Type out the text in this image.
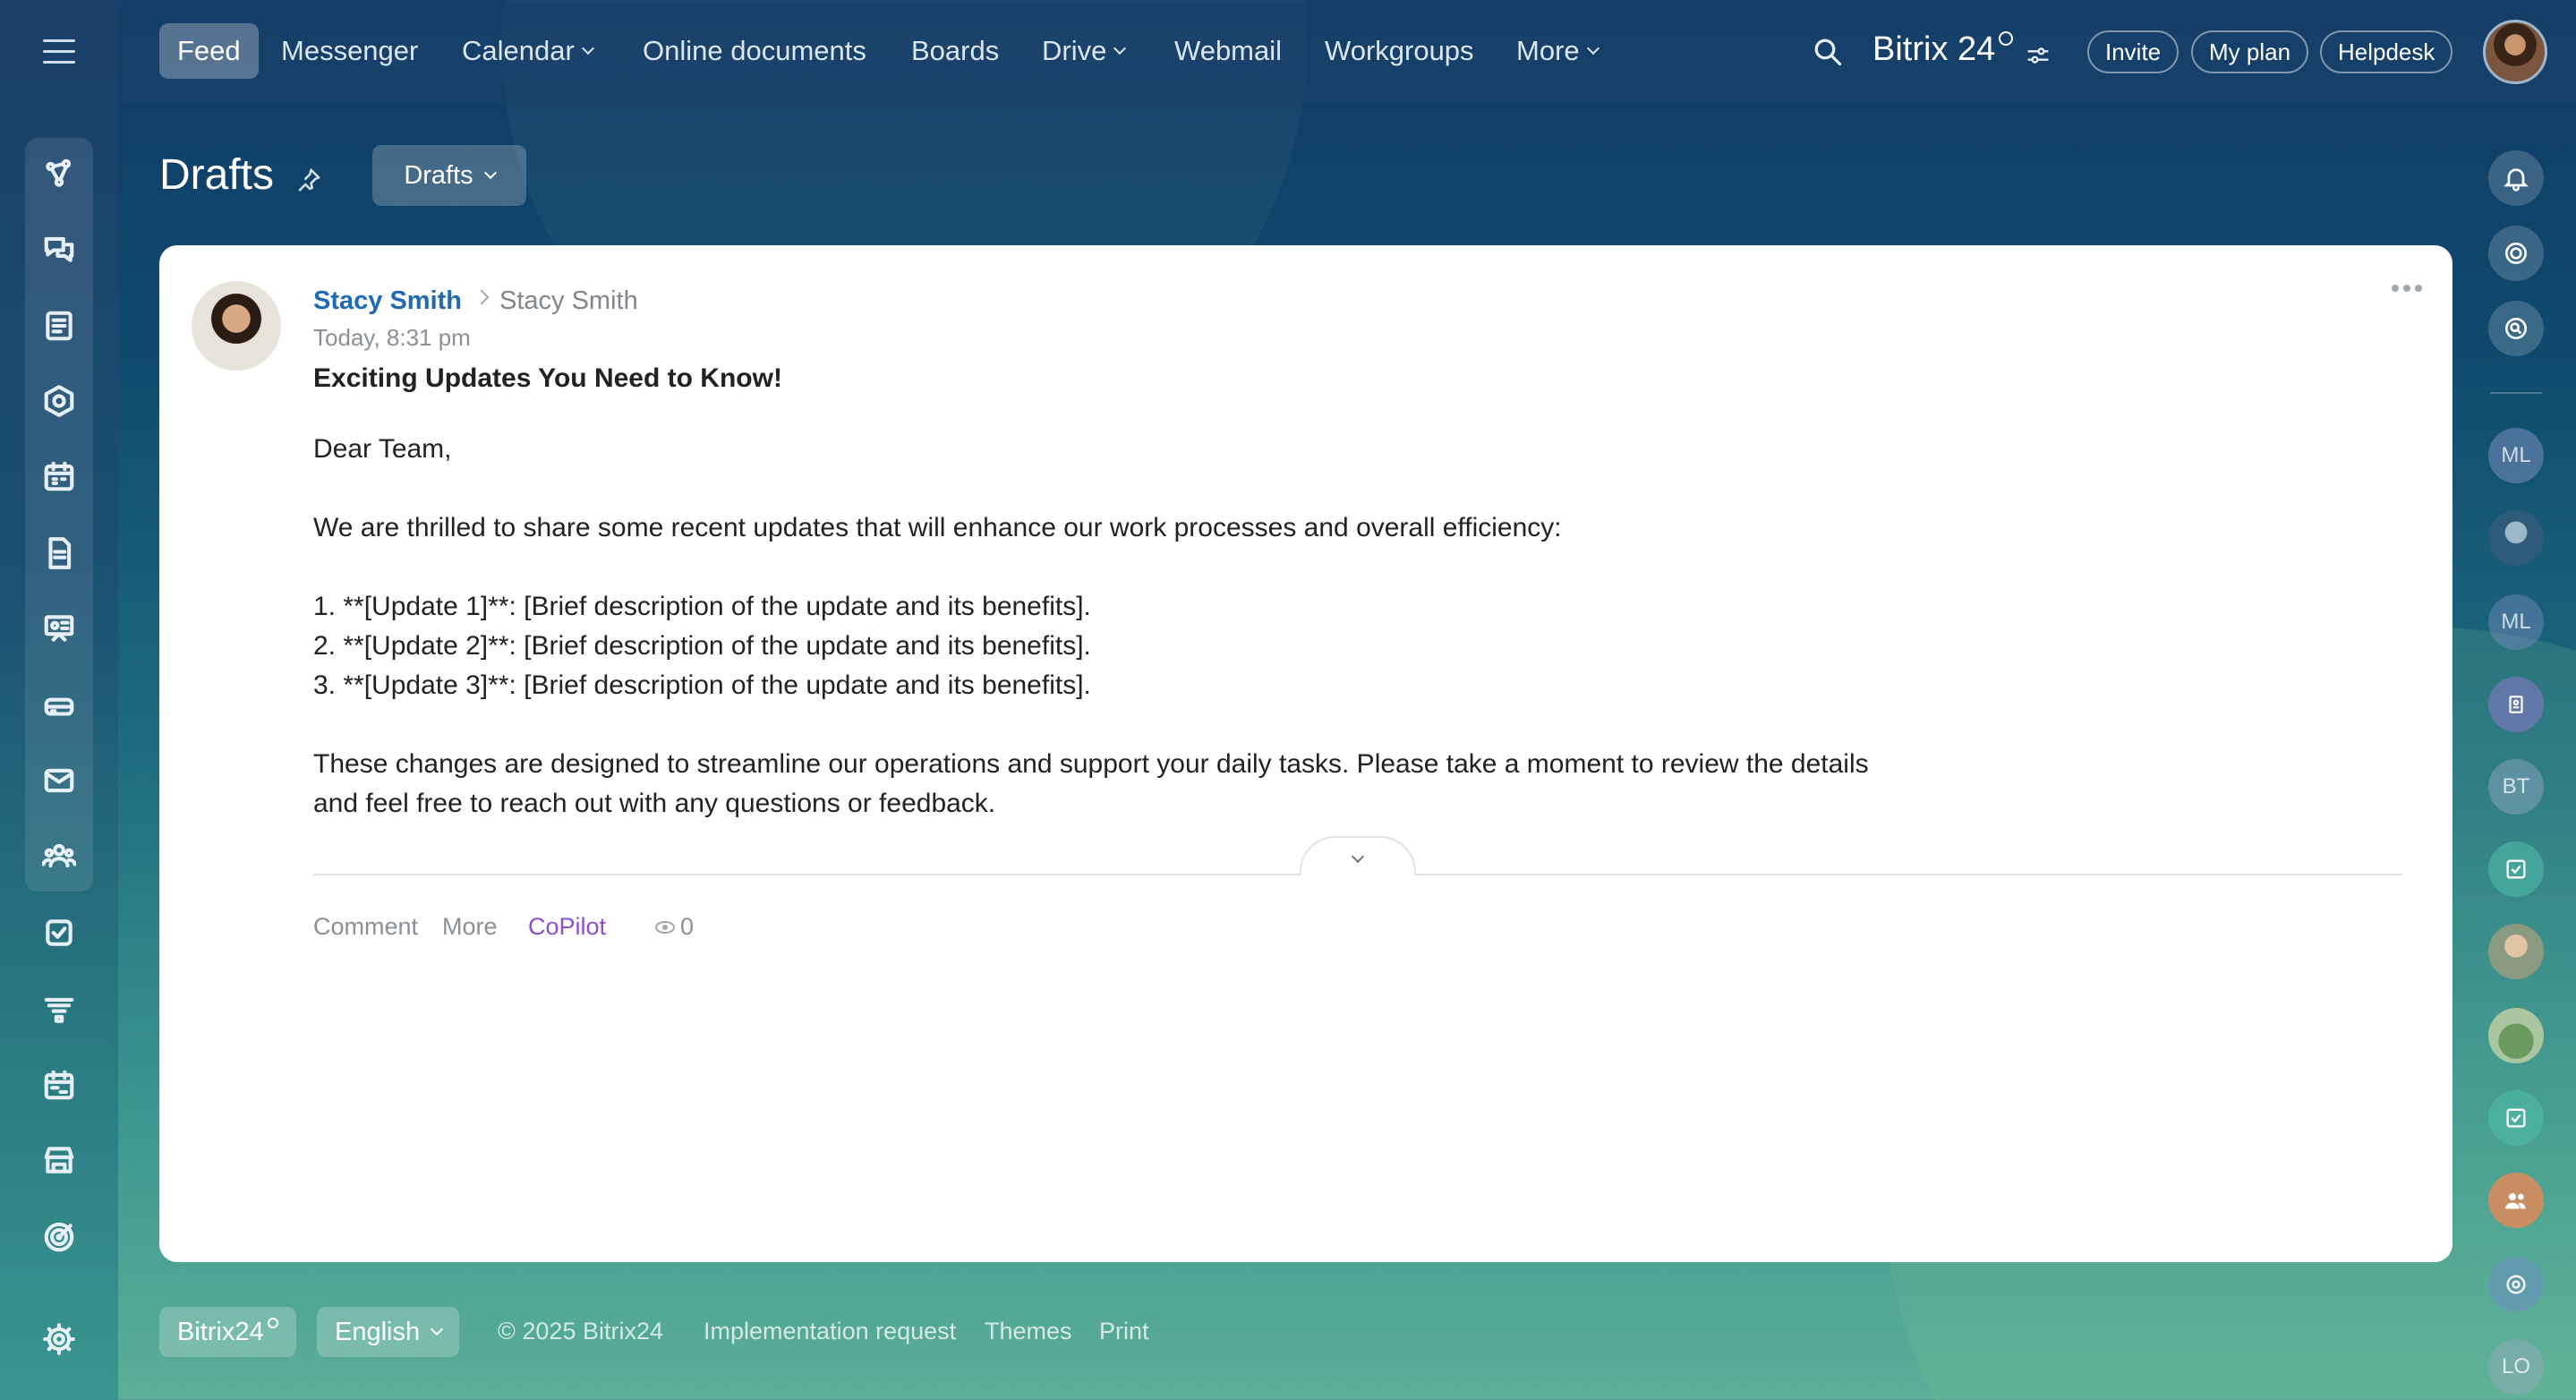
Feed Messenger Calendar Online documents Boards Drive Webmail Workgroups More	Bitrix 24	Invite My plan Helpdesk
Drafts	Drafts
Stacy Smith Stacy Smith
Today, 8:31 pm
Exciting Updates You Need to Know!

Dear Team,

We are thrilled to share some recent updates that will enhance our work processes and overall efficiency:

1. **[Update 1]**: [Brief description of the update and its benefits].

2. **[Update 2]**: [Brief description of the update and its benefits].

3. **[Update 3]**: [Brief description of the update and its benefits].

These changes are designed to streamline our operations and support your daily tasks. Please take a moment to review the details

and feel free to reach out with any questions or feedback.

Comment More CoPilot	0
Bitrix24	English	© 2025 Bitrix24 Implementation request Themes Print
ML
ML
BT
LO
